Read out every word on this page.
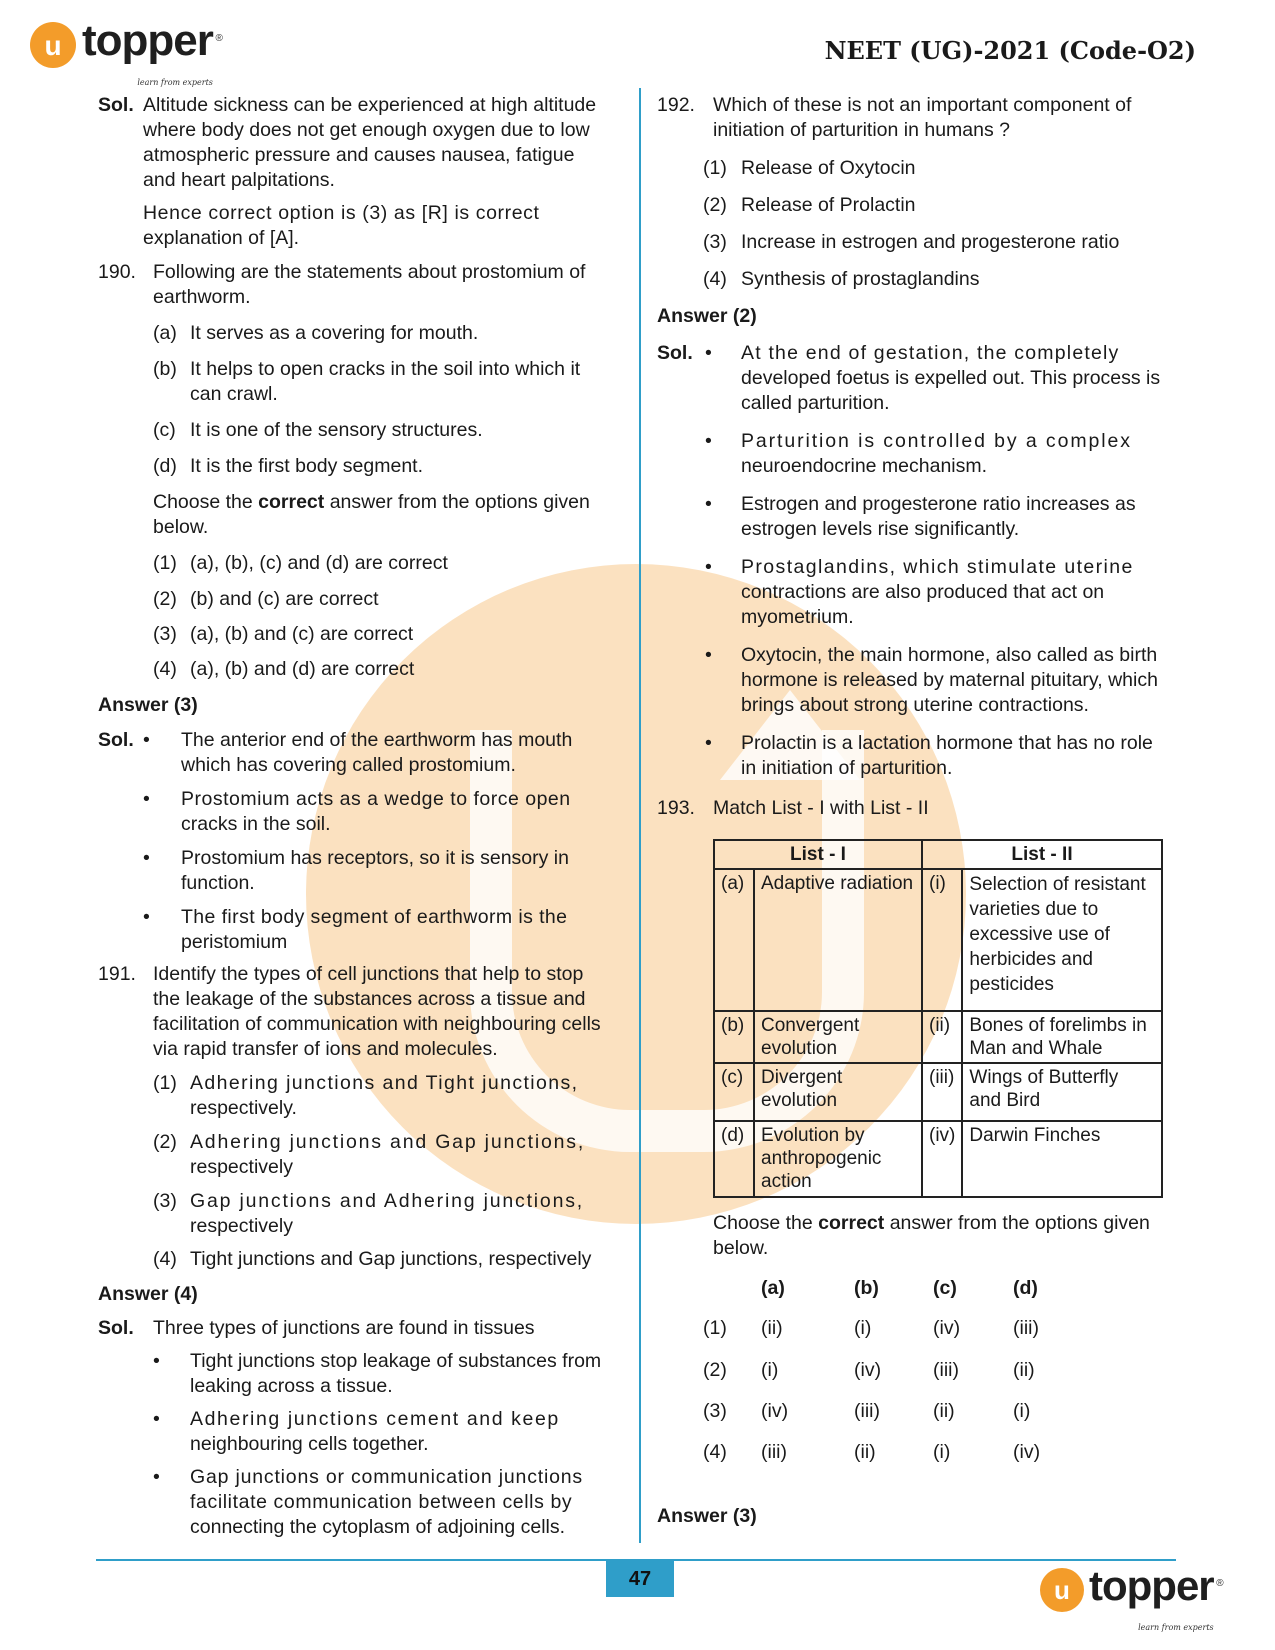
u topper ®
learn from experts
NEET (UG)-2021 (Code-O2)
Sol. Altitude sickness can be experienced at high altitude
where body does not get enough oxygen due to low
atmospheric pressure and causes nausea, fatigue
and heart palpitations.
Hence correct option is (3) as [R] is correct
explanation of [A].
190. Following are the statements about prostomium of
earthworm.
(a) It serves as a covering for mouth.
(b) It helps to open cracks in the soil into which it
can crawl.
(c) It is one of the sensory structures.
(d) It is the first body segment.
Choose the correct answer from the options given
below.
(1) (a), (b), (c) and (d) are correct
(2) (b) and (c) are correct
(3) (a), (b) and (c) are correct
(4) (a), (b) and (d) are correct
Answer (3)
Sol. • The anterior end of the earthworm has mouth
which has covering called prostomium.
• Prostomium acts as a wedge to force open
cracks in the soil.
• Prostomium has receptors, so it is sensory in
function.
• The first body segment of earthworm is the
peristomium
191. Identify the types of cell junctions that help to stop
the leakage of the substances across a tissue and
facilitation of communication with neighbouring cells
via rapid transfer of ions and molecules.
(1) Adhering junctions and Tight junctions,
respectively.
(2) Adhering junctions and Gap junctions,
respectively
(3) Gap junctions and Adhering junctions,
respectively
(4) Tight junctions and Gap junctions, respectively
Answer (4)
Sol. Three types of junctions are found in tissues
• Tight junctions stop leakage of substances from
leaking across a tissue.
• Adhering junctions cement and keep
neighbouring cells together.
• Gap junctions or communication junctions
facilitate communication between cells by
connecting the cytoplasm of adjoining cells.
192. Which of these is not an important component of
initiation of parturition in humans ?
(1) Release of Oxytocin
(2) Release of Prolactin
(3) Increase in estrogen and progesterone ratio
(4) Synthesis of prostaglandins
Answer (2)
Sol. • At the end of gestation, the completely
developed foetus is expelled out. This process is
called parturition.
• Parturition is controlled by a complex
neuroendocrine mechanism.
• Estrogen and progesterone ratio increases as
estrogen levels rise significantly.
• Prostaglandins, which stimulate uterine
contractions are also produced that act on
myometrium.
• Oxytocin, the main hormone, also called as birth
hormone is released by maternal pituitary, which
brings about strong uterine contractions.
• Prolactin is a lactation hormone that has no role
in initiation of parturition.
193. Match List - I with List - II
List - I		List - II	
(a)	Adaptive radiation	(i)	Selection of resistant varieties due to excessive use of herbicides and pesticides
(b)	Convergent evolution	(ii)	Bones of forelimbs in Man and Whale
(c)	Divergent evolution	(iii)	Wings of Butterfly and Bird
(d)	Evolution by anthropogenic action	(iv)	Darwin Finches
Choose the correct answer from the options given
below.
(a)	(b)	(c)	(d)
(1) (ii)	(i)	(iv)	(iii)
(2) (i)	(iv)	(iii)	(ii)
(3) (iv)	(iii)	(ii)	(i)
(4) (iii)	(ii)	(i)	(iv)
Answer (3)
47	u topper ®
learn from experts
